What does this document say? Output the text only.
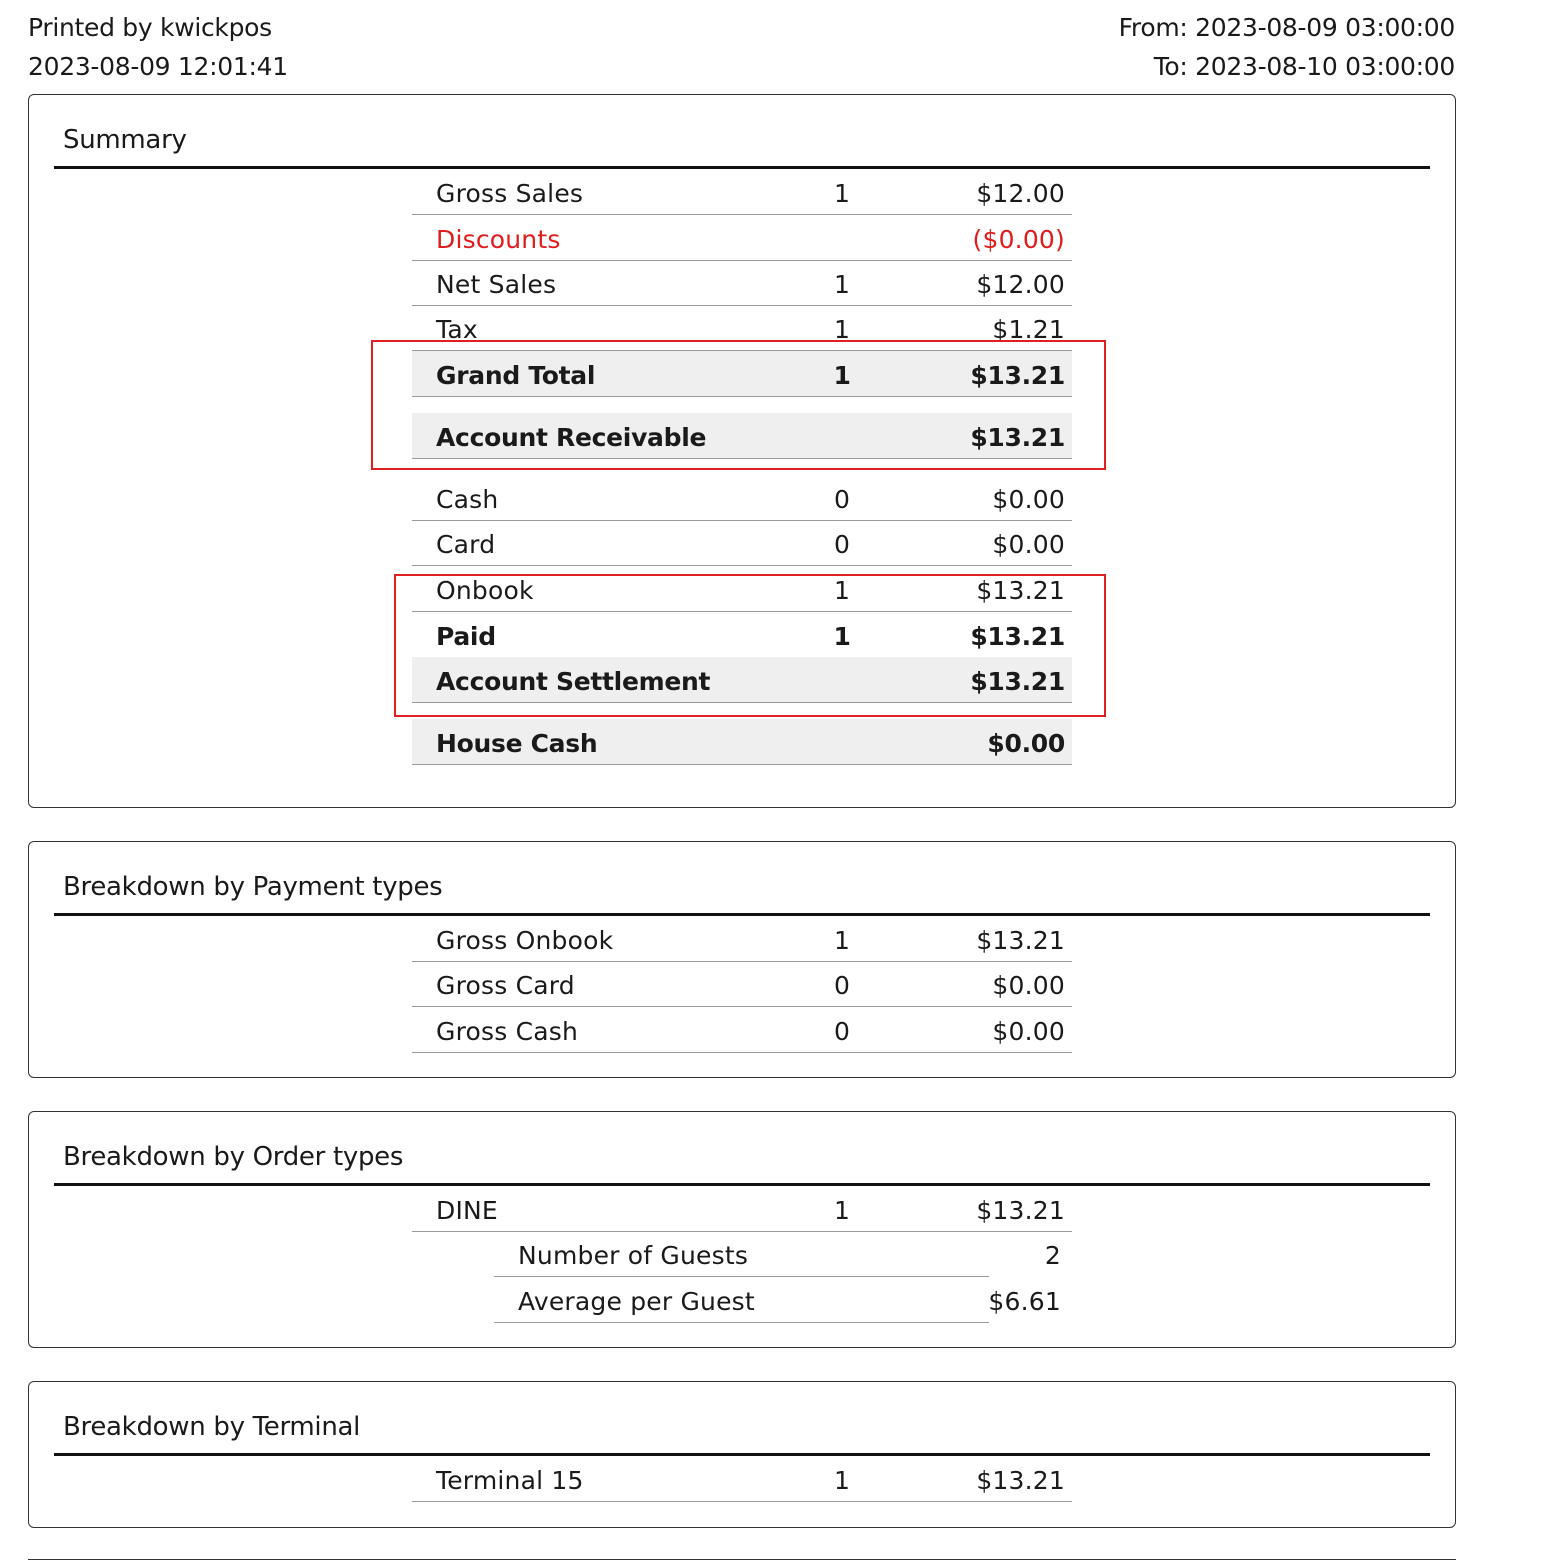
Printed by kwickpos
2023-08-09 12:01:41
From: 2023-08-09 03:00:00
To: 2023-08-10 03:00:00
Summary
Gross Sales	1	$12.00
Discounts	($0.00)
Net Sales	1	$12.00
Tax	1	$1.21
Grand Total	1	$13.21
Account Receivable	$13.21
Cash	0	$0.00
Card	0	$0.00
Onbook	1	$13.21
Paid	1	$13.21
Account Settlement	$13.21
House Cash	$0.00
Breakdown by Payment types
Gross Onbook	1	$13.21
Gross Card	0	$0.00
Gross Cash	0	$0.00
Breakdown by Order types
DINE	1	$13.21
Number of Guests	2
Average per Guest	$6.61
Breakdown by Terminal
Terminal 15	1	$13.21
